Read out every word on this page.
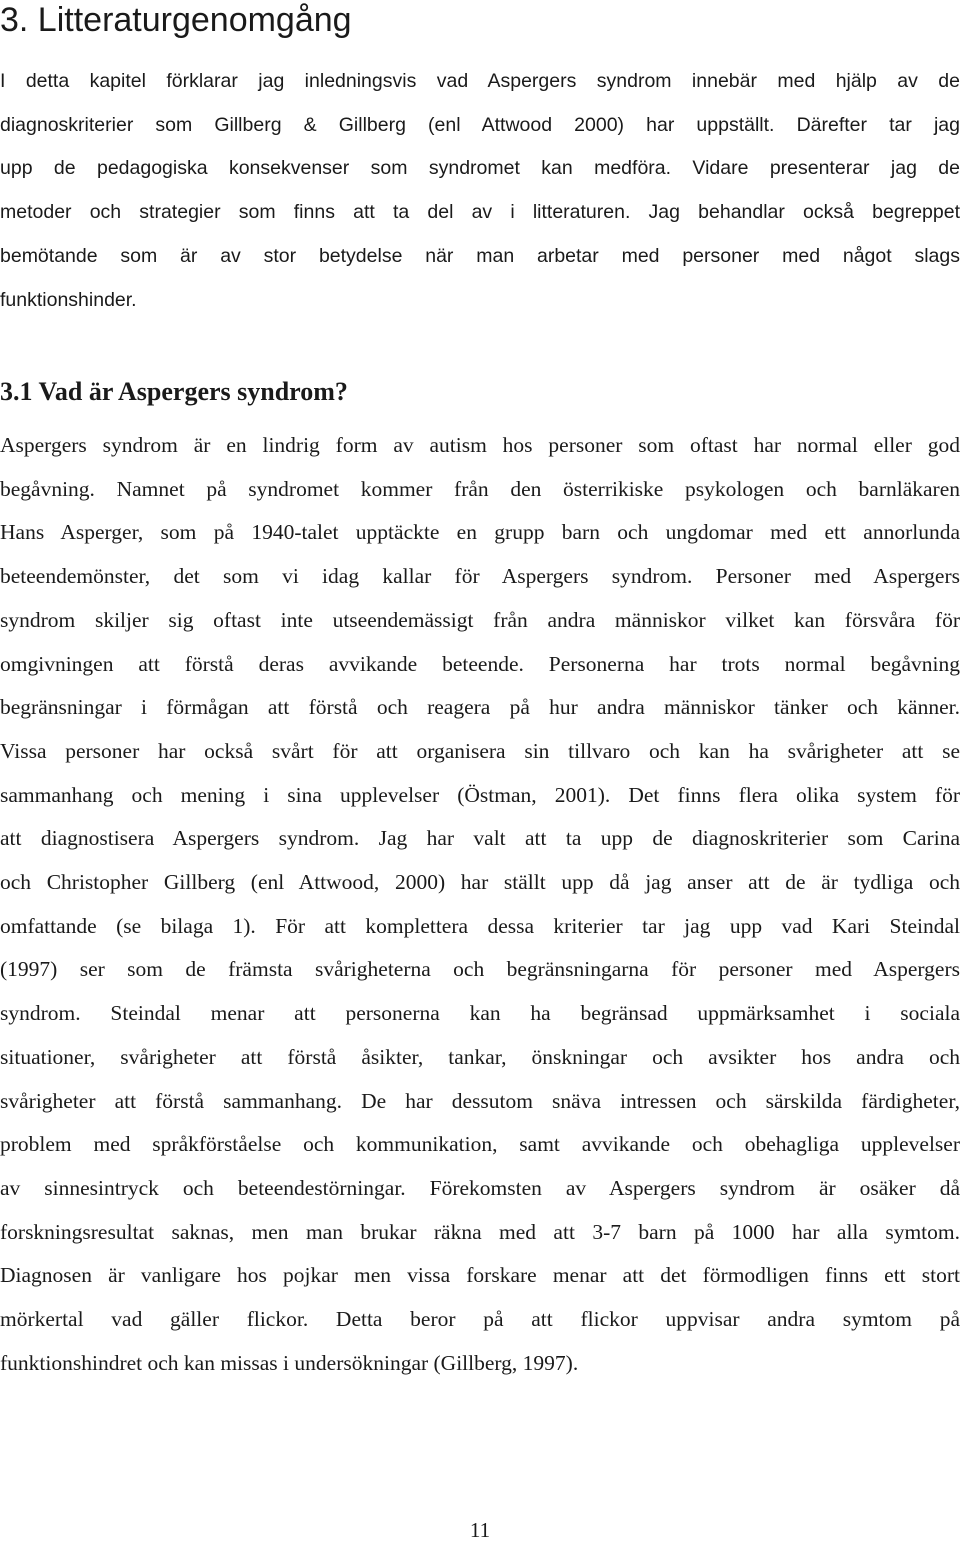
3. Litteraturgenomgång

I detta kapitel förklarar jag inledningsvis vad Aspergers syndrom innebär med hjälp av de
diagnoskriterier som Gillberg & Gillberg (enl Attwood 2000) har uppställt. Därefter tar jag
upp de pedagogiska konsekvenser som syndromet kan medföra. Vidare presenterar jag de
metoder och strategier som finns att ta del av i litteraturen. Jag behandlar också begreppet
bemötande som är av stor betydelse när man arbetar med personer med något slags
funktionshinder.

3.1 Vad är Aspergers syndrom?

Aspergers syndrom är en lindrig form av autism hos personer som oftast har normal eller god
begåvning. Namnet på syndromet kommer från den österrikiske psykologen och barnläkaren
Hans Asperger, som på 1940-talet upptäckte en grupp barn och ungdomar med ett annorlunda
beteendemönster, det som vi idag kallar för Aspergers syndrom. Personer med Aspergers
syndrom skiljer sig oftast inte utseendemässigt från andra människor vilket kan försvåra för
omgivningen att förstå deras avvikande beteende. Personerna har trots normal begåvning
begränsningar i förmågan att förstå och reagera på hur andra människor tänker och känner.
Vissa personer har också svårt för att organisera sin tillvaro och kan ha svårigheter att se
sammanhang och mening i sina upplevelser (Östman, 2001). Det finns flera olika system för
att diagnostisera Aspergers syndrom. Jag har valt att ta upp de diagnoskriterier som Carina
och Christopher Gillberg (enl Attwood, 2000) har ställt upp då jag anser att de är tydliga och
omfattande (se bilaga 1). För att komplettera dessa kriterier tar jag upp vad Kari Steindal
(1997) ser som de främsta svårigheterna och begränsningarna för personer med Aspergers
syndrom. Steindal menar att personerna kan ha begränsad uppmärksamhet i sociala
situationer, svårigheter att förstå åsikter, tankar, önskningar och avsikter hos andra och
svårigheter att förstå sammanhang. De har dessutom snäva intressen och särskilda färdigheter,
problem med språkförståelse och kommunikation, samt avvikande och obehagliga upplevelser
av sinnesintryck och beteendestörningar. Förekomsten av Aspergers syndrom är osäker då
forskningsresultat saknas, men man brukar räkna med att 3-7 barn på 1000 har alla symtom.
Diagnosen är vanligare hos pojkar men vissa forskare menar att det förmodligen finns ett stort
mörkertal vad gäller flickor. Detta beror på att flickor uppvisar andra symtom på
funktionshindret och kan missas i undersökningar (Gillberg, 1997).

11
